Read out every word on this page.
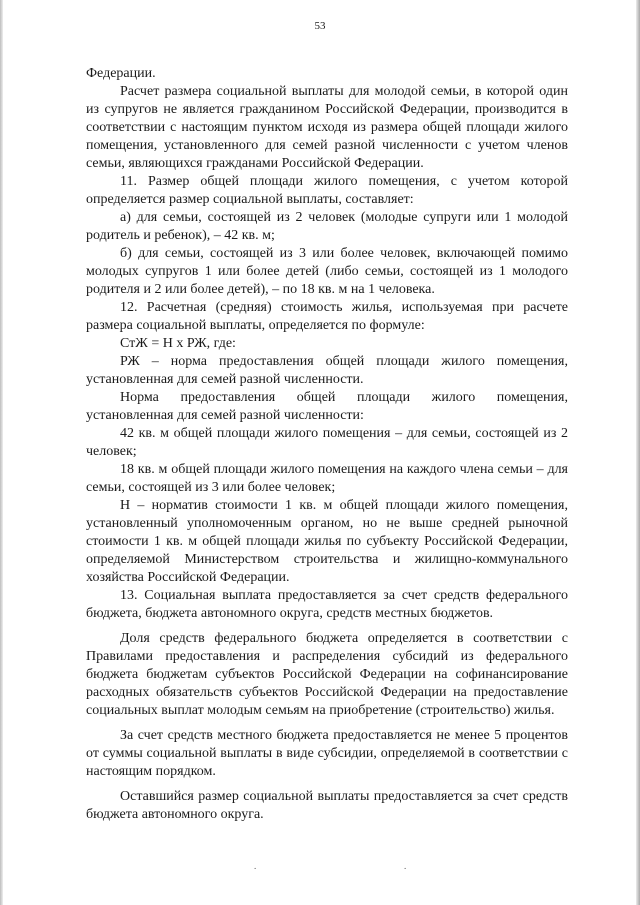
53

Федерации.

Расчет размера социальной выплаты для молодой семьи, в которой один из супругов не является гражданином Российской Федерации, производится в соответствии с настоящим пунктом исходя из размера общей площади жилого помещения, установленного для семей разной численности с учетом членов семьи, являющихся гражданами Российской Федерации.

11. Размер общей площади жилого помещения, с учетом которой определяется размер социальной выплаты, составляет:

а) для семьи, состоящей из 2 человек (молодые супруги или 1 молодой родитель и ребенок), – 42 кв. м;

б) для семьи, состоящей из 3 или более человек, включающей помимо молодых супругов 1 или более детей (либо семьи, состоящей из 1 молодого родителя и 2 или более детей), – по 18 кв. м на 1 человека.

12. Расчетная (средняя) стоимость жилья, используемая при расчете размера социальной выплаты, определяется по формуле:

СтЖ = Н х РЖ, где:

РЖ – норма предоставления общей площади жилого помещения, установленная для семей разной численности.

Норма предоставления общей площади жилого помещения, установленная для семей разной численности:

42 кв. м общей площади жилого помещения – для семьи, состоящей из 2 человек;

18 кв. м общей площади жилого помещения на каждого члена семьи – для семьи, состоящей из 3 или более человек;

Н – норматив стоимости 1 кв. м общей площади жилого помещения, установленный уполномоченным органом, но не выше средней рыночной стоимости 1 кв. м общей площади жилья по субъекту Российской Федерации, определяемой Министерством строительства и жилищно-коммунального хозяйства Российской Федерации.

13. Социальная выплата предоставляется за счет средств федерального бюджета, бюджета автономного округа, средств местных бюджетов.

Доля средств федерального бюджета определяется в соответствии с Правилами предоставления и распределения субсидий из федерального бюджета бюджетам субъектов Российской Федерации на софинансирование расходных обязательств субъектов Российской Федерации на предоставление социальных выплат молодым семьям на приобретение (строительство) жилья.

За счет средств местного бюджета предоставляется не менее 5 процентов от суммы социальной выплаты в виде субсидии, определяемой в соответствии с настоящим порядком.

Оставшийся размер социальной выплаты предоставляется за счет средств бюджета автономного округа.

.	.
